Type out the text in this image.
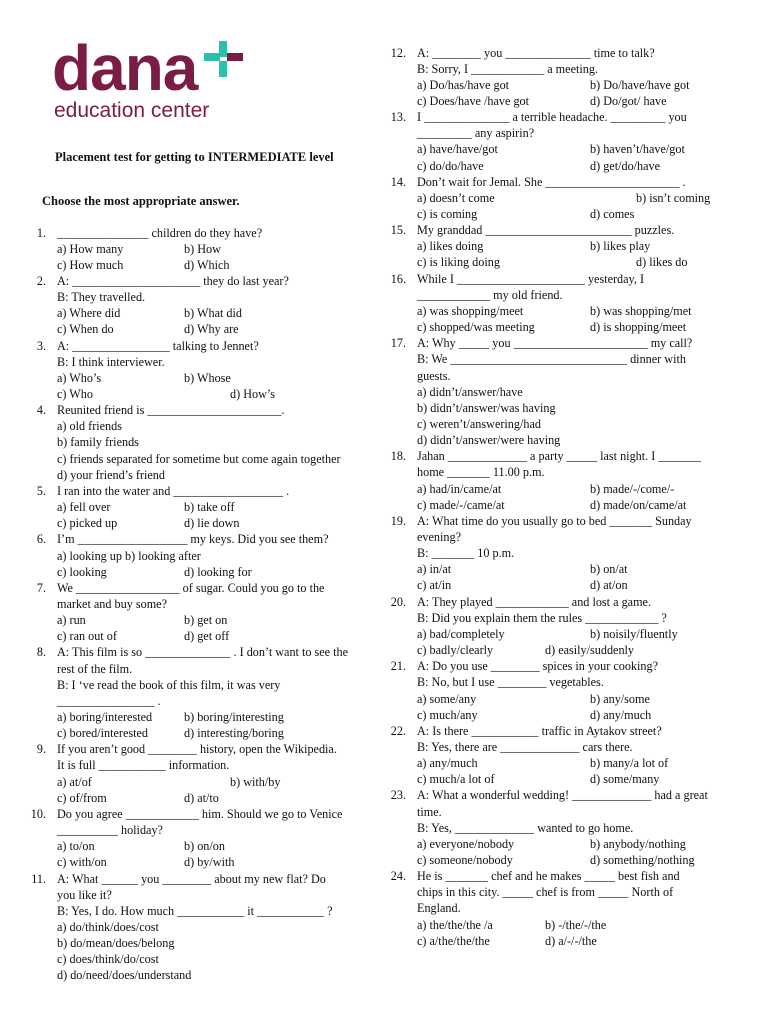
dana
education center
Placement test for getting to INTERMEDIATE level
Choose the most appropriate answer.
1. _______________ children do they have?
a) How many	b) How
c) How much	d) Which
2. A: _____________________ they do last year?
B: They travelled.
a) Where did	b) What did
c) When do	d) Why are
3. A: ________________ talking to Jennet?
B: I think interviewer.
a) Who’s	b) Whose
c) Who	d) How’s
4. Reunited friend is ______________________.
a) old friends
b) family friends
c) friends separated for sometime but come again together
d) your friend’s friend
5. I ran into the water and __________________ .
a) fell over	b) take off
c) picked up	d) lie down
6. I’m __________________ my keys. Did you see them?
a) looking up b) looking after
c) looking	d) looking for
7. We _________________ of sugar. Could you go to the
market and buy some?
a) run	b) get on
c) ran out of	d) get off
8. A: This film is so ______________ . I don’t want to see the
rest of the film.
B: I ‘ve read the book of this film, it was very
________________ .
a) boring/interested	b) boring/interesting
c) bored/interested	d) interesting/boring
9. If you aren’t good ________ history, open the Wikipedia.
It is full ___________ information.
a) at/of	b) with/by
c) of/from	d) at/to
10. Do you agree ____________ him. Should we go to Venice
__________ holiday?
a) to/on	b) on/on
c) with/on	d) by/with
11. A: What ______ you ________ about my new flat? Do
you like it?
B: Yes, I do. How much ___________ it ___________ ?
a) do/think/does/cost
b) do/mean/does/belong
c) does/think/do/cost
d) do/need/does/understand
12. A: ________ you ______________ time to talk?
B: Sorry, I ____________ a meeting.
a) Do/has/have got	b) Do/have/have got
c) Does/have /have got	d) Do/got/ have
13. I ______________ a terrible headache. _________ you
_________ any aspirin?
a) have/have/got	b) haven’t/have/got
c) do/do/have	d) get/do/have
14. Don’t wait for Jemal. She ______________________ .
a) doesn’t come	b) isn’t coming
c) is coming	d) comes
15. My granddad ________________________ puzzles.
a) likes doing	b) likes play
c) is liking doing	d) likes do
16. While I _____________________ yesterday, I
____________ my old friend.
a) was shopping/meet	b) was shopping/met
c) shopped/was meeting	d) is shopping/meet
17. A: Why _____ you ______________________ my call?
B: We _____________________________ dinner with
guests.
a) didn’t/answer/have
b) didn’t/answer/was having
c) weren’t/answering/had
d) didn’t/answer/were having
18. Jahan _____________ a party _____ last night. I _______
home _______ 11.00 p.m.
a) had/in/came/at	b) made/-/come/-
c) made/-/came/at	d) made/on/came/at
19. A: What time do you usually go to bed _______ Sunday
evening?
B: _______ 10 p.m.
a) in/at	b) on/at
c) at/in	d) at/on
20. A: They played ____________ and lost a game.
B: Did you explain them the rules ____________ ?
a) bad/completely	b) noisily/fluently
c) badly/clearly	d) easily/suddenly
21. A: Do you use ________ spices in your cooking?
B: No, but I use ________ vegetables.
a) some/any	b) any/some
c) much/any	d) any/much
22. A: Is there ___________ traffic in Aytakov street?
B: Yes, there are _____________ cars there.
a) any/much	b) many/a lot of
c) much/a lot of	d) some/many
23. A: What a wonderful wedding! _____________ had a great
time.
B: Yes, _____________ wanted to go home.
a) everyone/nobody	b) anybody/nothing
c) someone/nobody	d) something/nothing
24. He is _______ chef and he makes _____ best fish and
chips in this city. _____ chef is from _____ North of
England.
a) the/the/the /a	b) -/the/-/the
c) a/the/the/the	d) a/-/-/the
